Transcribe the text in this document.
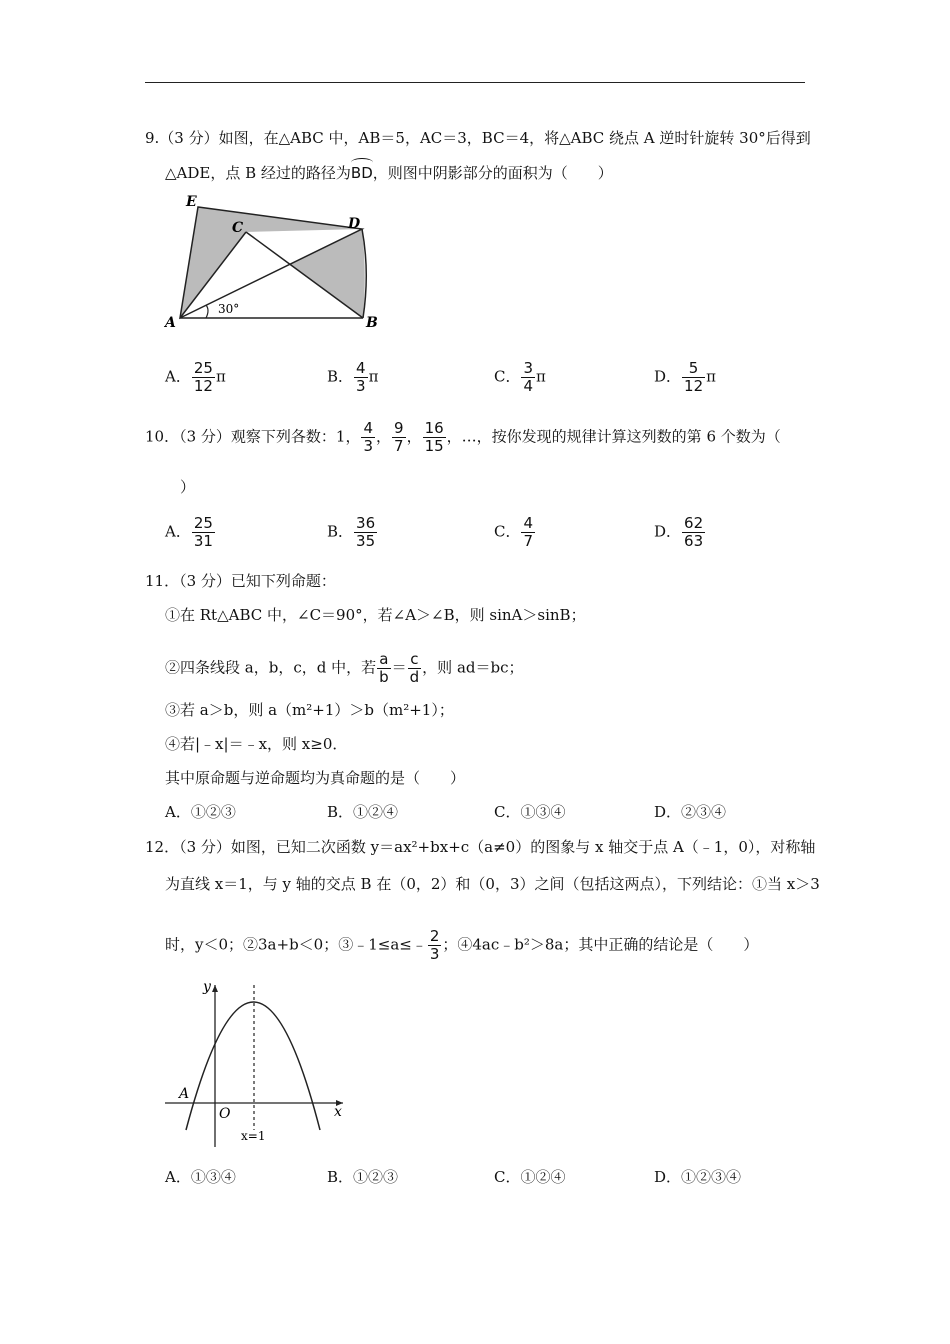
9.（3 分）如图，在△ABC 中，AB＝5，AC＝3，BC＝4，将△ABC 绕点 A 逆时针旋转 30°后得到
△ADE，点 B 经过的路径为BD，则图中阴影部分的面积为（　　）
E
C	D
A	B
30°
A． $\frac{25}{12}$ π	B． $\frac{4}{3}$ π	C． $\frac{3}{4}$ π	D． $\frac{5}{12}$ π
10．（3 分）观察下列各数：1， $\frac{4}{3}$ ， $\frac{9}{7}$ ， $\frac{16}{15}$ ，…，按你发现的规律计算这列数的第 6 个数为（
）
A． $\frac{25}{31}$	B． $\frac{36}{35}$	C． $\frac{4}{7}$	D． $\frac{62}{63}$
11．（3 分）已知下列命题：
①在 Rt△ABC 中，∠C＝90°，若∠A＞∠B，则 sinA＞sinB；
②四条线段 a，b，c，d 中，若 $\frac{a}{b} = \frac{c}{d}$ ，则 ad＝bc；
③若 a＞b，则 a（m²+1）＞b（m²+1）；
④若|﹣x|＝﹣x，则 x≥0．
其中原命题与逆命题均为真命题的是（　　）
A．①②③	B．①②④	C．①③④	D．②③④
12．（3 分）如图，已知二次函数 y＝ax²+bx+c（a≠0）的图象与 x 轴交于点 A（﹣1，0），对称轴
为直线 x＝1，与 y 轴的交点 B 在（0，2）和（0，3）之间（包括这两点），下列结论：①当 x＞3
时，y＜0；②3a+b＜0；③﹣1≤a≤﹣ $\frac{2}{3}$ ；④4ac﹣b²＞8a；其中正确的结论是（　　）
y
x
A
O
x=1
A．①③④	B．①②③	C．①②④	D．①②③④
